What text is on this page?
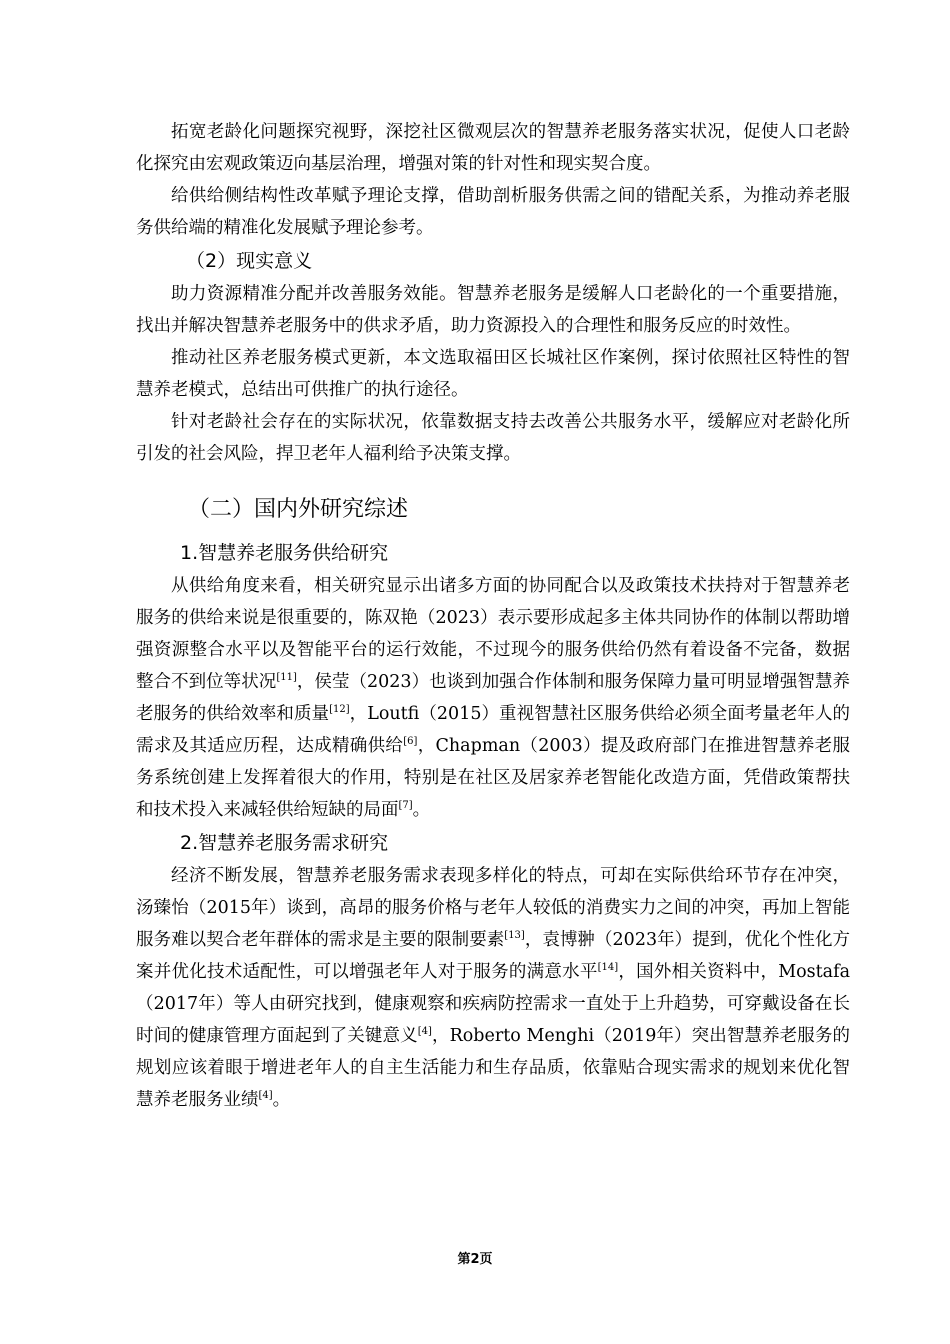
拓宽老龄化问题探究视野，深挖社区微观层次的智慧养老服务落实状况，促使人口老龄化探究由宏观政策迈向基层治理，增强对策的针对性和现实契合度。

给供给侧结构性改革赋予理论支撑，借助剖析服务供需之间的错配关系，为推动养老服务供给端的精准化发展赋予理论参考。

（2）现实意义

助力资源精准分配并改善服务效能。智慧养老服务是缓解人口老龄化的一个重要措施，找出并解决智慧养老服务中的供求矛盾，助力资源投入的合理性和服务反应的时效性。

推动社区养老服务模式更新，本文选取福田区长城社区作案例，探讨依照社区特性的智慧养老模式，总结出可供推广的执行途径。

针对老龄社会存在的实际状况，依靠数据支持去改善公共服务水平，缓解应对老龄化所引发的社会风险，捍卫老年人福利给予决策支撑。

（二）国内外研究综述
1.智慧养老服务供给研究

从供给角度来看，相关研究显示出诸多方面的协同配合以及政策技术扶持对于智慧养老服务的供给来说是很重要的，陈双艳（2023）表示要形成起多主体共同协作的体制以帮助增强资源整合水平以及智能平台的运行效能，不过现今的服务供给仍然有着设备不完备，数据整合不到位等状况[11]，侯莹（2023）也谈到加强合作体制和服务保障力量可明显增强智慧养老服务的供给效率和质量[12]，Loutfi（2015）重视智慧社区服务供给必须全面考量老年人的需求及其适应历程，达成精确供给[6]，Chapman（2003）提及政府部门在推进智慧养老服务系统创建上发挥着很大的作用，特别是在社区及居家养老智能化改造方面，凭借政策帮扶和技术投入来减轻供给短缺的局面[7]。

2.智慧养老服务需求研究

经济不断发展，智慧养老服务需求表现多样化的特点，可却在实际供给环节存在冲突，汤臻怡（2015年）谈到，高昂的服务价格与老年人较低的消费实力之间的冲突，再加上智能服务难以契合老年群体的需求是主要的限制要素[13]，袁博翀（2023年）提到，优化个性化方案并优化技术适配性，可以增强老年人对于服务的满意水平[14]，国外相关资料中，Mostafa（2017年）等人由研究找到，健康观察和疾病防控需求一直处于上升趋势，可穿戴设备在长时间的健康管理方面起到了关键意义[4]，Roberto Menghi（2019年）突出智慧养老服务的规划应该着眼于增进老年人的自主生活能力和生存品质，依靠贴合现实需求的规划来优化智慧养老服务业绩[4]。

第2页
